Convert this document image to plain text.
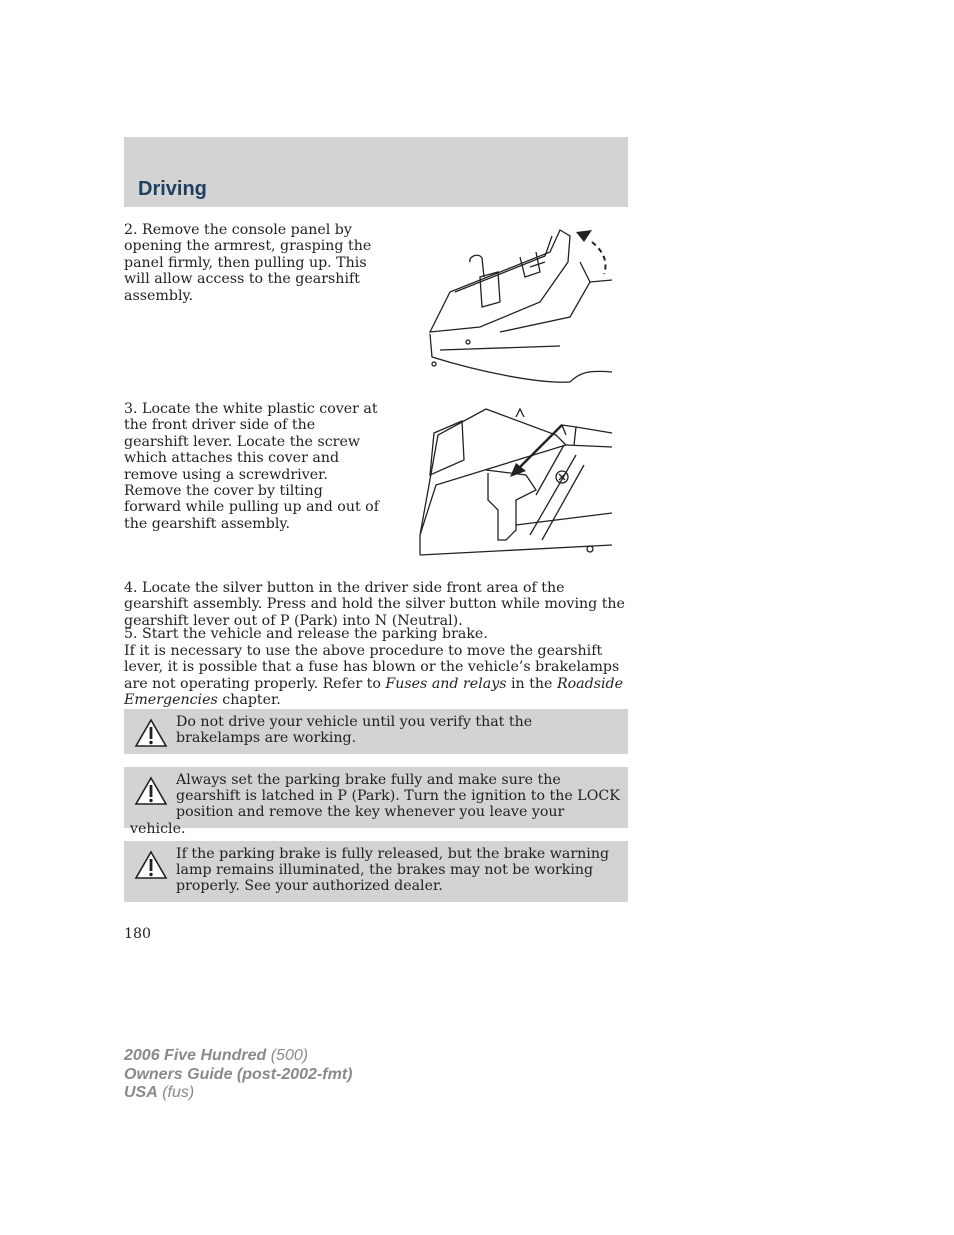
Driving

2. Remove the console panel by opening the armrest, grasping the panel firmly, then pulling up. This will allow access to the gearshift assembly.

3. Locate the white plastic cover at the front driver side of the gearshift lever. Locate the screw which attaches this cover and remove using a screwdriver. Remove the cover by tilting forward while pulling up and out of the gearshift assembly.

4. Locate the silver button in the driver side front area of the gearshift assembly. Press and hold the silver button while moving the gearshift lever out of P (Park) into N (Neutral).

5. Start the vehicle and release the parking brake.

If it is necessary to use the above procedure to move the gearshift lever, it is possible that a fuse has blown or the vehicle’s brakelamps are not operating properly. Refer to Fuses and relays in the Roadside Emergencies chapter.

Do not drive your vehicle until you verify that the brakelamps are working.
Always set the parking brake fully and make sure the gearshift is latched in P (Park). Turn the ignition to the LOCK position and remove the key whenever you leave your vehicle.
If the parking brake is fully released, but the brake warning lamp remains illuminated, the brakes may not be working properly. See your authorized dealer.
180
2006 Five Hundred (500)
Owners Guide (post-2002-fmt)
USA (fus)
